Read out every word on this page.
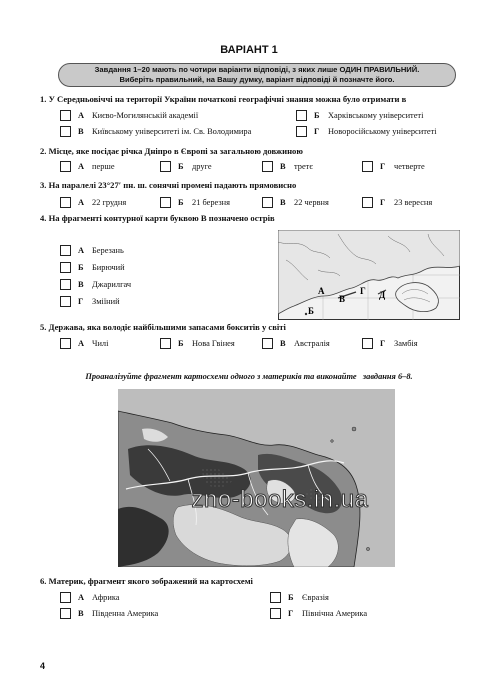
ВАРІАНТ 1
Завдання 1–20 мають по чотири варіанти відповіді, з яких лише ОДИН ПРАВИЛЬНИЙ.
Виберіть правильний, на Вашу думку, варіант відповіді й позначте його.
1. У Середньовіччі на території України початкові географічні знання можна було отримати в
А Києво-Могилянській академії	Б	Харківському університеті
В	Київському університеті ім. Св. Володимира	Г	Новоросійському університеті
2. Місце, яке посідає річка Дніпро в Європі за загальною довжиною
А перше	Б	друге	В	третє	Г	четверте
3. На паралелі 23°27′ пн. ш. сонячні промені падають прямовисно
А 22 грудня	Б	21 березня	В	22 червня	Г	23 вересня
4. На фрагменті контурної карти буквою В позначено острів
А Березань
Б	Бирючий
В	Джарилгач
Г	Зміїний
А
Б
В
Г Д
5. Держава, яка володіє найбільшими запасами бокситів у світі
А Чилі	Б	Нова Гвінея	В	Австралія	Г	Замбія
Проаналізуйте фрагмент картосхеми одного з материків та виконайте завдання 6–8.
zno-books.in.ua
6. Материк, фрагмент якого зображений на картосхемі
А Африка	Б	Євразія
В	Південна Америка	Г	Північна Америка
4
